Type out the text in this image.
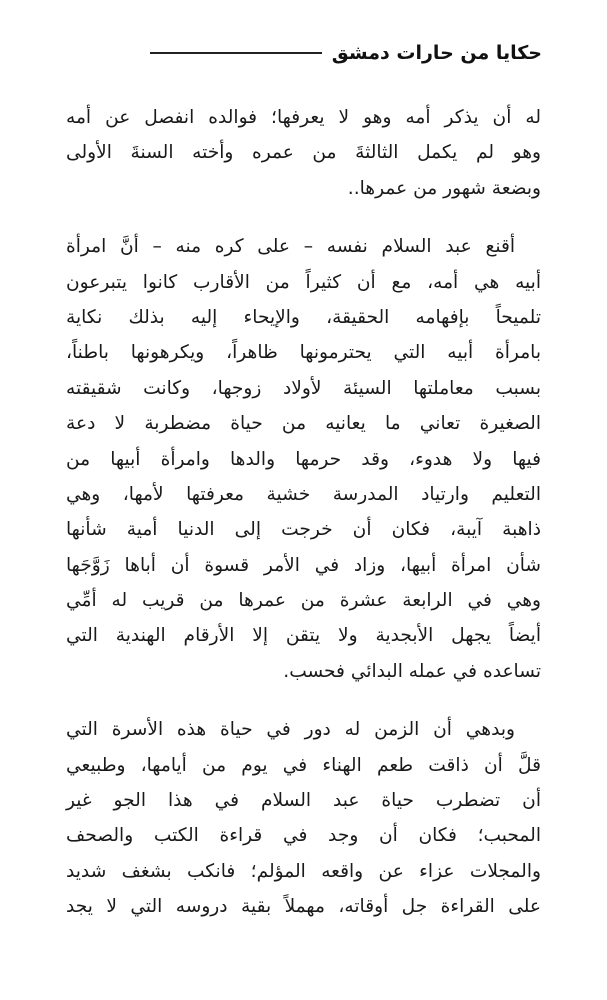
حكايا من حارات دمشق
له أن يذكر أمه وهو لا يعرفها؛ فوالده انفصل عن أمه
وهو لم يكمل الثالثةَ من عمره وأخته السنةَ الأولى
وبضعة شهور من عمرها..
أقنع عبد السلام نفسه – على كره منه – أنَّ امرأة
أبيه هي أمه، مع أن كثيراً من الأقارب كانوا يتبرعون
تلميحاً بإفهامه الحقيقة، والإيحاء إليه بذلك نكاية
بامرأة أبيه التي يحترمونها ظاهراً، ويكرهونها باطناً،
بسبب معاملتها السيئة لأولاد زوجها، وكانت شقيقته
الصغيرة تعاني ما يعانيه من حياة مضطربة لا دعة
فيها ولا هدوء، وقد حرمها والدها وامرأة أبيها من
التعليم وارتياد المدرسة خشية معرفتها لأمها، وهي
ذاهبة آيبة، فكان أن خرجت إلى الدنيا أمية شأنها
شأن امرأة أبيها، وزاد في الأمر قسوة أن أباها زَوَّجَها
وهي في الرابعة عشرة من عمرها من قريب له أمِّي
أيضاً يجهل الأبجدية ولا يتقن إلا الأرقام الهندية التي
تساعده في عمله البدائي فحسب.
وبدهي أن الزمن له دور في حياة هذه الأسرة التي
قلَّ أن ذاقت طعم الهناء في يوم من أيامها، وطبيعي
أن تضطرب حياة عبد السلام في هذا الجو غير
المحبب؛ فكان أن وجد في قراءة الكتب والصحف
والمجلات عزاء عن واقعه المؤلم؛ فانكب بشغف شديد
على القراءة جل أوقاته، مهملاً بقية دروسه التي لا يجد
